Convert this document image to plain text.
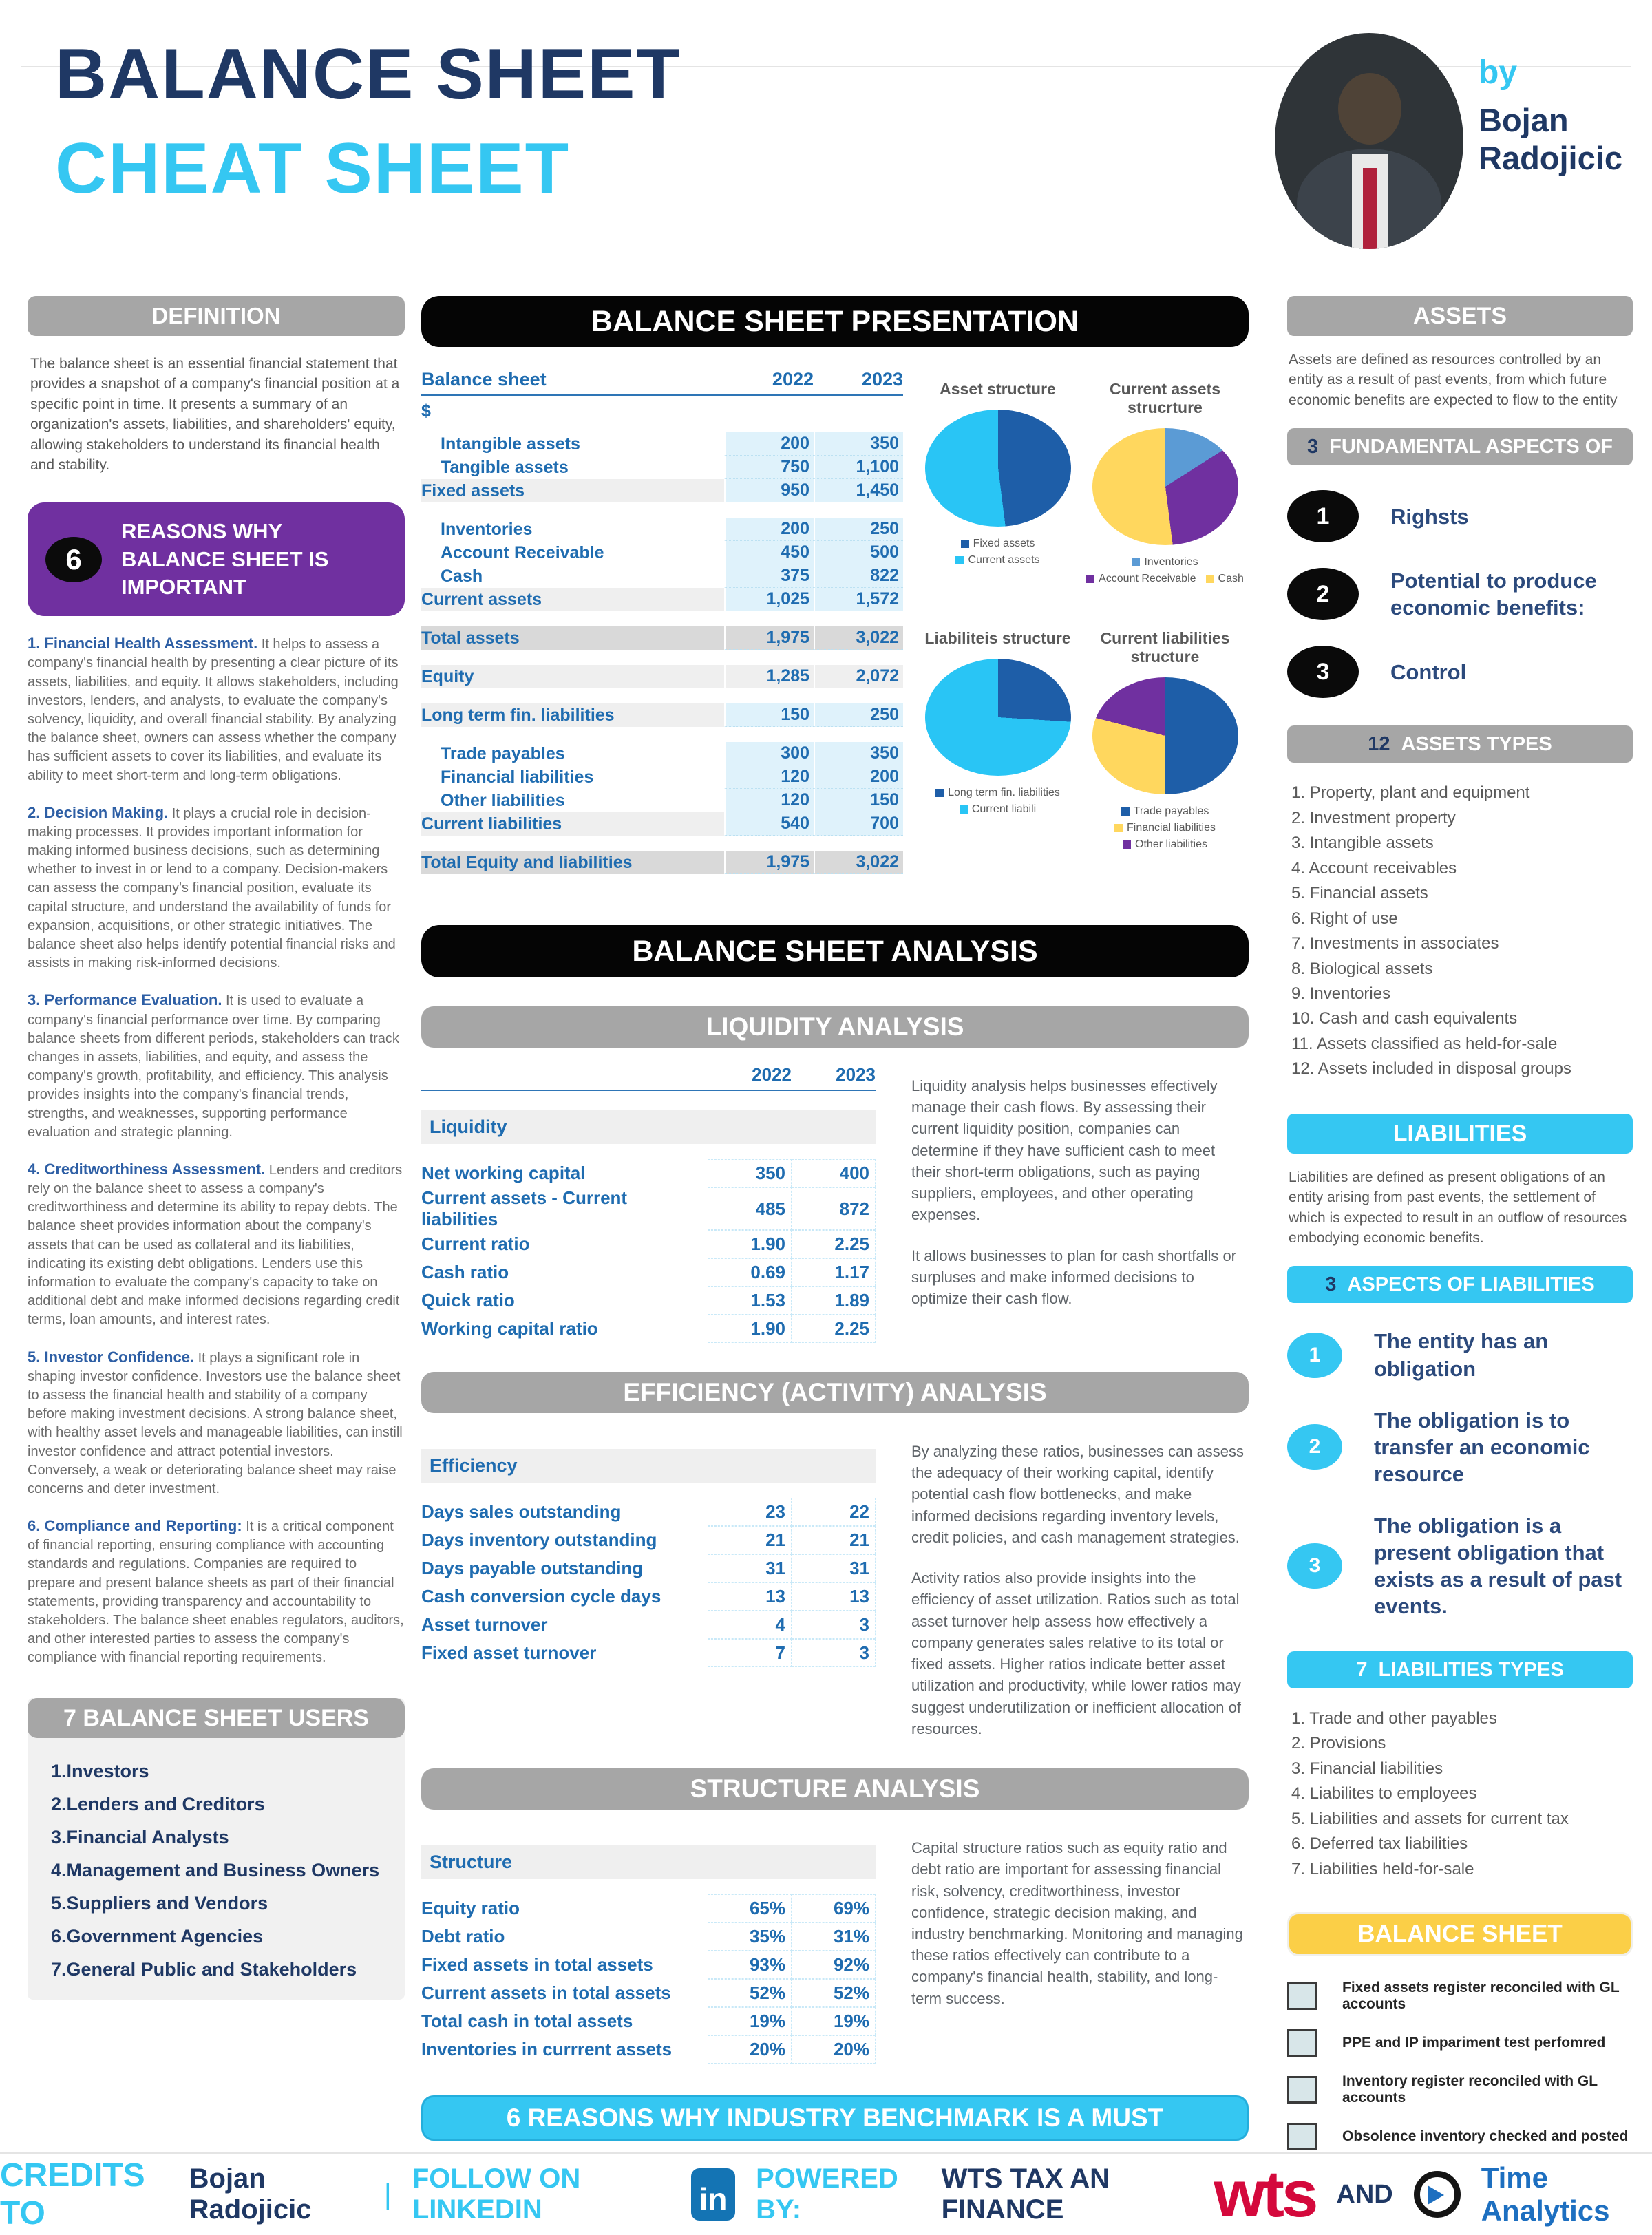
BALANCE SHEET
CHEAT SHEET
by
Bojan Radojicic
DEFINITION

The balance sheet is an essential financial statement that provides a snapshot of a company's financial position at a specific point in time. It presents a summary of an organization's assets, liabilities, and shareholders' equity, allowing stakeholders to understand its financial health and stability.

6
REASONS WHY BALANCE SHEET IS IMPORTANT

1. Financial Health Assessment. It helps to assess a company's financial health by presenting a clear picture of its assets, liabilities, and equity. It allows stakeholders, including investors, lenders, and analysts, to evaluate the company's solvency, liquidity, and overall financial stability. By analyzing the balance sheet, owners can assess whether the company has sufficient assets to cover its liabilities, and evaluate its ability to meet short-term and long-term obligations.

2. Decision Making. It plays a crucial role in decision-making processes. It provides important information for making informed business decisions, such as determining whether to invest in or lend to a company. Decision-makers can assess the company's financial position, evaluate its capital structure, and understand the availability of funds for expansion, acquisitions, or other strategic initiatives. The balance sheet also helps identify potential financial risks and assists in making risk-informed decisions.

3. Performance Evaluation. It is used to evaluate a company's financial performance over time. By comparing balance sheets from different periods, stakeholders can track changes in assets, liabilities, and equity, and assess the company's growth, profitability, and efficiency. This analysis provides insights into the company's financial trends, strengths, and weaknesses, supporting performance evaluation and strategic planning.

4. Creditworthiness Assessment. Lenders and creditors rely on the balance sheet to assess a company's creditworthiness and determine its ability to repay debts. The balance sheet provides information about the company's assets that can be used as collateral and its liabilities, indicating its existing debt obligations. Lenders use this information to evaluate the company's capacity to take on additional debt and make informed decisions regarding credit terms, loan amounts, and interest rates.

5. Investor Confidence. It plays a significant role in shaping investor confidence. Investors use the balance sheet to assess the financial health and stability of a company before making investment decisions. A strong balance sheet, with healthy asset levels and manageable liabilities, can instill investor confidence and attract potential investors. Conversely, a weak or deteriorating balance sheet may raise concerns and deter investment.

6. Compliance and Reporting: It is a critical component of financial reporting, ensuring compliance with accounting standards and regulations. Companies are required to prepare and present balance sheets as part of their financial statements, providing transparency and accountability to stakeholders. The balance sheet enables regulators, auditors, and other interested parties to assess the company's compliance with financial reporting requirements.

7 BALANCE SHEET USERS
1.Investors
2.Lenders and Creditors
3.Financial Analysts
4.Management and Business Owners
5.Suppliers and Vendors
6.Government Agencies
7.General Public and Stakeholders
BALANCE SHEET PRESENTATION
Balance sheet	2022	2023
$
Intangible assets	200	350
Tangible assets	750	1,100
Fixed assets	950	1,450
Inventories	200	250
Account Receivable	450	500
Cash	375	822
Current assets	1,025	1,572
Total assets	1,975	3,022
Equity	1,285	2,072
Long term fin. liabilities	150	250
Trade payables	300	350
Financial liabilities	120	200
Other liabilities	120	150
Current liabilities	540	700
Total Equity and liabilities	1,975	3,022
Asset structure
Fixed assets
Current assets
Current assets strucrture
Inventories
Account Receivable Cash
Liabiliteis structure
Long term fin. liabilities
Current liabili
Current liabilities structure
Trade payables
Financial liabilities
Other liabilities
BALANCE SHEET ANALYSIS
LIQUIDITY ANALYSIS
2022	2023
Liquidity
Net working capital	350	400
Current assets - Current liabilities
485	872
Current ratio	1.90	2.25
Cash ratio	0.69	1.17
Quick ratio	1.53	1.89
Working capital ratio	1.90	2.25

Liquidity analysis helps businesses effectively manage their cash flows. By assessing their current liquidity position, companies can determine if they have sufficient cash to meet their short-term obligations, such as paying suppliers, employees, and other operating expenses.

It allows businesses to plan for cash shortfalls or surpluses and make informed decisions to optimize their cash flow.

EFFICIENCY (ACTIVITY) ANALYSIS
Efficiency
Days sales outstanding	23	22
Days inventory outstanding	21	21
Days payable outstanding	31	31
Cash conversion cycle days	13	13
Asset turnover	4	3
Fixed asset turnover	7	3

By analyzing these ratios, businesses can assess the adequacy of their working capital, identify potential cash flow bottlenecks, and make informed decisions regarding inventory levels, credit policies, and cash management strategies.

Activity ratios also provide insights into the efficiency of asset utilization. Ratios such as total asset turnover help assess how effectively a company generates sales relative to its total or fixed assets. Higher ratios indicate better asset utilization and productivity, while lower ratios may suggest underutilization or inefficient allocation of resources.

STRUCTURE ANALYSIS
Structure
Equity ratio	65%	69%
Debt ratio	35%	31%
Fixed assets in total assets	93%	92%
Current assets in total assets	52%	52%
Total cash in total assets	19%	19%
Inventories in currrent assets	20%	20%

Capital structure ratios such as equity ratio and debt ratio are important for assessing financial risk, solvency, creditworthiness, investor confidence, strategic decision making, and industry benchmarking. Monitoring and managing these ratios effectively can contribute to a company's financial health, stability, and long-term success.

6 REASONS WHY INDUSTRY BENCHMARK IS A MUST
ASSETS

Assets are defined as resources controlled by an entity as a result of past events, from which future economic benefits are expected to flow to the entity

3 FUNDAMENTAL ASPECTS OF ASSETS
1	Righsts
2
Potential to produce economic benefits:
3	Control
12 ASSETS TYPES
1. Property, plant and equipment
2. Investment property
3. Intangible assets
4. Account receivables
5. Financial assets
6. Right of use
7. Investments in associates
8. Biological assets
9. Inventories
10. Cash and cash equivalents
11. Assets classified as held-for-sale
12. Assets included in disposal groups
LIABILITIES

Liabilities are defined as present obligations of an entity arising from past events, the settlement of which is expected to result in an outflow of resources embodying economic benefits.

3 ASPECTS OF LIABILITIES
1
The entity has an obligation
2
The obligation is to transfer an economic resource
3
The obligation is a present obligation that exists as a result of past events.
7 LIABILITIES TYPES
1. Trade and other payables
2. Provisions
3. Financial liabilities
4. Liabilites to employees
5. Liabilities and assets for current tax
6. Deferred tax liabilities
7. Liabilities held-for-sale
BALANCE SHEET CHECKLIST
Fixed assets register reconciled with GL accounts
PPE and IP impariment test perfomred
Inventory register reconciled with GL accounts
Obsolence inventory checked and posted
CREDITS TO
Bojan Radojicic	| FOLLOW ON LINKEDIN	in
POWERED BY:
WTS TAX AN FINANCE	wts AND
Time Analytics
